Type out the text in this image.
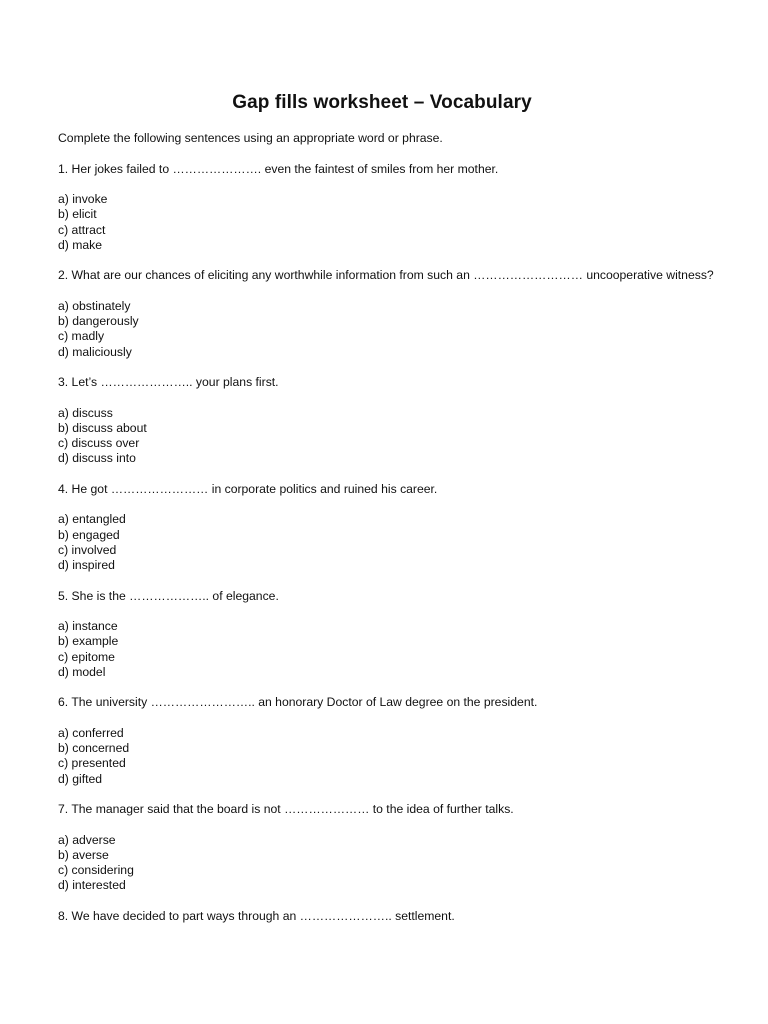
Gap fills worksheet – Vocabulary
Complete the following sentences using an appropriate word or phrase.
1. Her jokes failed to …………………. even the faintest of smiles from her mother.
a) invoke
b) elicit
c) attract
d) make
2. What are our chances of eliciting any worthwhile information from such an ……………………… uncooperative witness?
a) obstinately
b) dangerously
c) madly
d) maliciously
3. Let’s ………………….. your plans first.
a) discuss
b) discuss about
c) discuss over
d) discuss into
4. He got …………………… in corporate politics and ruined his career.
a) entangled
b) engaged
c) involved
d) inspired
5. She is the ……………….. of elegance.
a) instance
b) example
c) epitome
d) model
6. The university …………………….. an honorary Doctor of Law degree on the president.
a) conferred
b) concerned
c) presented
d) gifted
7. The manager said that the board is not ………………… to the idea of further talks.
a) adverse
b) averse
c) considering
d) interested
8. We have decided to part ways through an ………………….. settlement.
